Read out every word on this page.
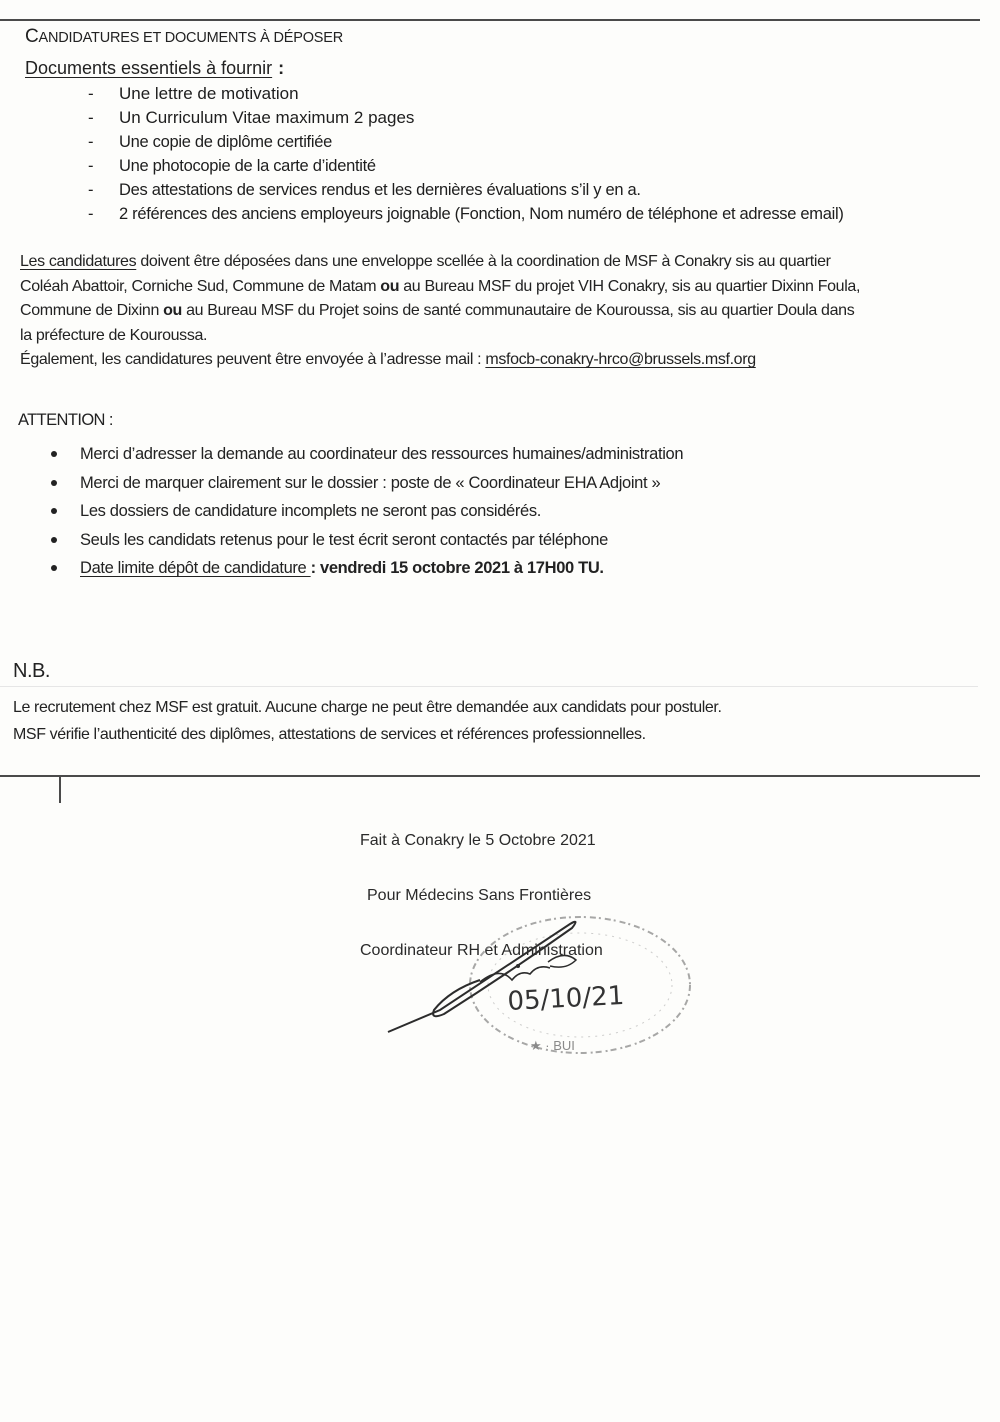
CANDIDATURES ET DOCUMENTS À DÉPOSER
Documents essentiels à fournir :
- Une lettre de motivation
- Un Curriculum Vitae maximum 2 pages
- Une copie de diplôme certifiée
- Une photocopie de la carte d’identité
- Des attestations de services rendus et les dernières évaluations s’il y en a.
- 2 références des anciens employeurs joignable (Fonction, Nom numéro de téléphone et adresse email)
Les candidatures doivent être déposées dans une enveloppe scellée à la coordination de MSF à Conakry sis au quartier
Coléah Abattoir, Corniche Sud, Commune de Matam ou au Bureau MSF du projet VIH Conakry, sis au quartier Dixinn Foula,
Commune de Dixinn ou au Bureau MSF du Projet soins de santé communautaire de Kouroussa, sis au quartier Doula dans
la préfecture de Kouroussa.
Également, les candidatures peuvent être envoyée à l’adresse mail : msfocb-conakry-hrco@brussels.msf.org
ATTENTION :
Merci d’adresser la demande au coordinateur des ressources humaines/administration
Merci de marquer clairement sur le dossier : poste de « Coordinateur EHA Adjoint »
Les dossiers de candidature incomplets ne seront pas considérés.
Seuls les candidats retenus pour le test écrit seront contactés par téléphone
Date limite dépôt de candidature : vendredi 15 octobre 2021 à 17H00 TU.
N.B.
Le recrutement chez MSF est gratuit. Aucune charge ne peut être demandée aux candidats pour postuler.
MSF vérifie l’authenticité des diplômes, attestations de services et références professionnelles.
Fait à Conakry le 5 Octobre 2021
Pour Médecins Sans Frontières
Coordinateur RH et Administration
★ · BUI
05/10/21
